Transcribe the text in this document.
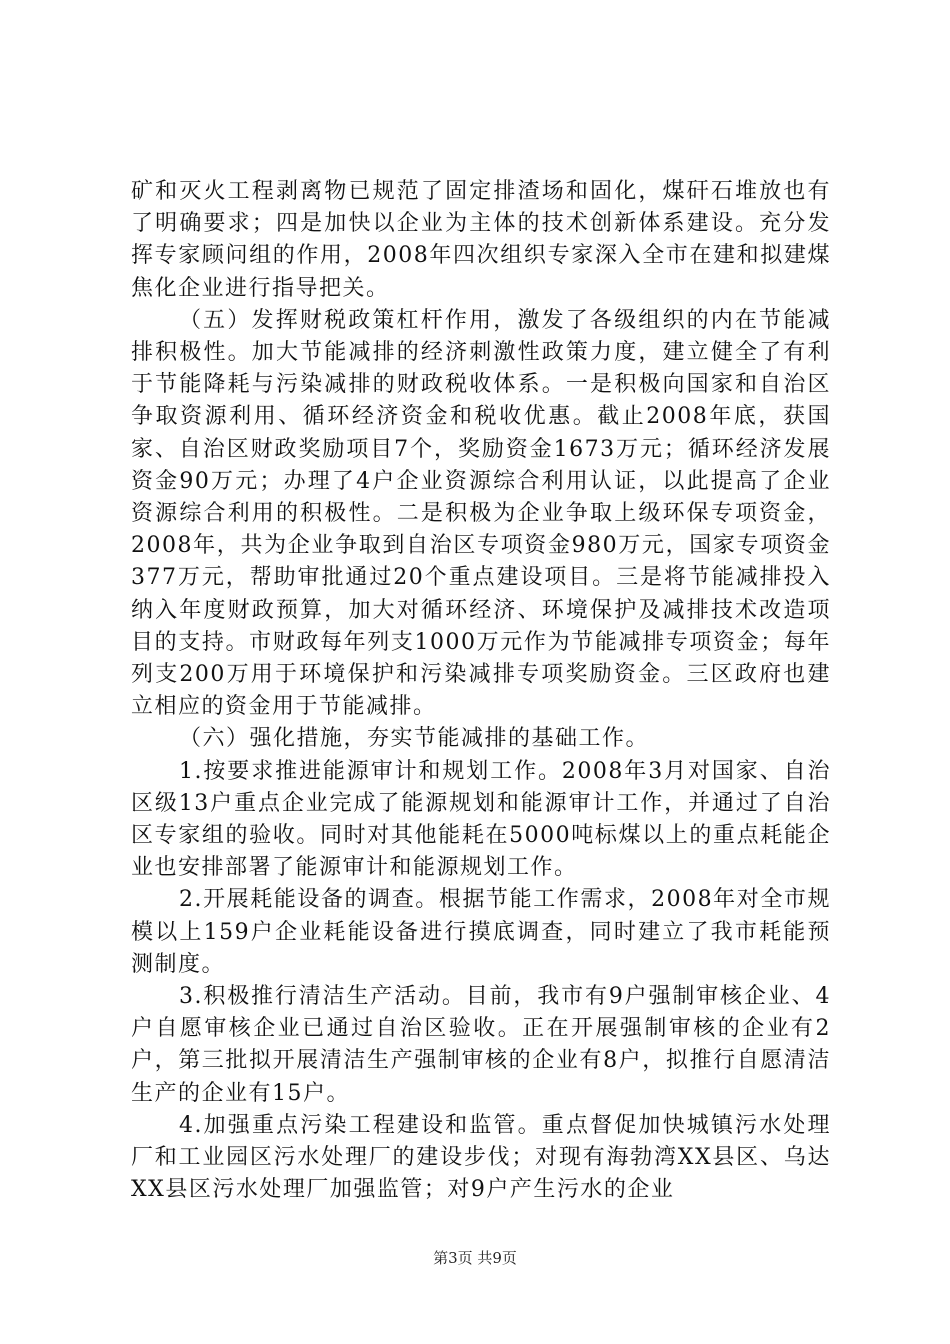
矿和灭火工程剥离物已规范了固定排渣场和固化，煤矸石堆放也有了明确要求；四是加快以企业为主体的技术创新体系建设。充分发挥专家顾问组的作用，2008年四次组织专家深入全市在建和拟建煤焦化企业进行指导把关。

（五）发挥财税政策杠杆作用，激发了各级组织的内在节能减排积极性。加大节能减排的经济刺激性政策力度，建立健全了有利于节能降耗与污染减排的财政税收体系。一是积极向国家和自治区争取资源利用、循环经济资金和税收优惠。截止2008年底，获国家、自治区财政奖励项目7个，奖励资金1673万元；循环经济发展资金90万元；办理了4户企业资源综合利用认证，以此提高了企业资源综合利用的积极性。二是积极为企业争取上级环保专项资金，2008年，共为企业争取到自治区专项资金980万元，国家专项资金377万元，帮助审批通过20个重点建设项目。三是将节能减排投入纳入年度财政预算，加大对循环经济、环境保护及减排技术改造项目的支持。市财政每年列支1000万元作为节能减排专项资金；每年列支200万用于环境保护和污染减排专项奖励资金。三区政府也建立相应的资金用于节能减排。

（六）强化措施，夯实节能减排的基础工作。

1.按要求推进能源审计和规划工作。2008年3月对国家、自治区级13户重点企业完成了能源规划和能源审计工作，并通过了自治区专家组的验收。同时对其他能耗在5000吨标煤以上的重点耗能企业也安排部署了能源审计和能源规划工作。

2.开展耗能设备的调查。根据节能工作需求，2008年对全市规模以上159户企业耗能设备进行摸底调查，同时建立了我市耗能预测制度。

3.积极推行清洁生产活动。目前，我市有9户强制审核企业、4户自愿审核企业已通过自治区验收。正在开展强制审核的企业有2户，第三批拟开展清洁生产强制审核的企业有8户，拟推行自愿清洁生产的企业有15户。

4.加强重点污染工程建设和监管。重点督促加快城镇污水处理厂和工业园区污水处理厂的建设步伐；对现有海勃湾XX县区、乌达XX县区污水处理厂加强监管；对9户产生污水的企业

第3页 共9页
